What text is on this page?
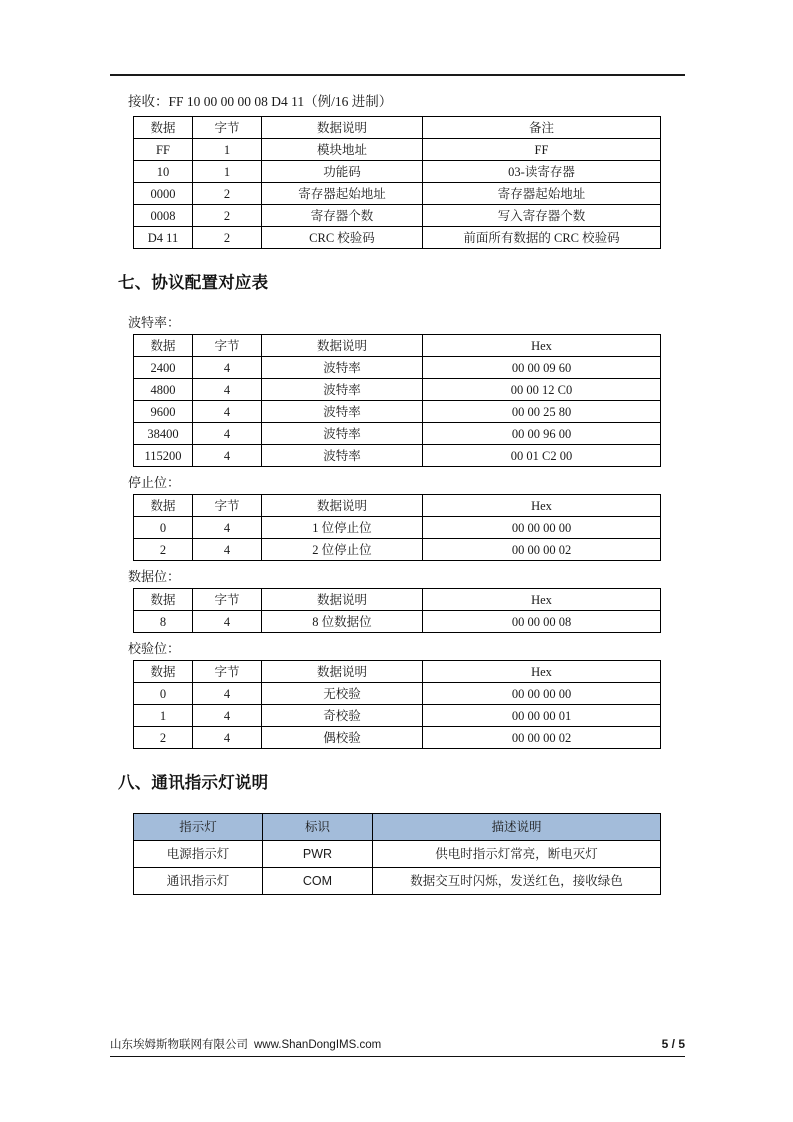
接收：FF 10 00 00 00 08 D4 11（例/16 进制）

数据	字节	数据说明	备注
FF	1	模块地址	FF
10	1	功能码	03-读寄存器
0000	2	寄存器起始地址	寄存器起始地址
0008	2	寄存器个数	写入寄存器个数
D4 11	2	CRC 校验码	前面所有数据的 CRC 校验码
七、协议配置对应表

波特率：

数据	字节	数据说明	Hex
2400	4	波特率	00 00 09 60
4800	4	波特率	00 00 12 C0
9600	4	波特率	00 00 25 80
38400	4	波特率	00 00 96 00
115200	4	波特率	00 01 C2 00

停止位：

数据	字节	数据说明	Hex
0	4	1 位停止位	00 00 00 00
2	4	2 位停止位	00 00 00 02

数据位：

数据	字节	数据说明	Hex
8	4	8 位数据位	00 00 00 08

校验位：

数据	字节	数据说明	Hex
0	4	无校验	00 00 00 00
1	4	奇校验	00 00 00 01
2	4	偶校验	00 00 00 02
八、通讯指示灯说明
指示灯	标识	描述说明
电源指示灯	PWR	供电时指示灯常亮，断电灭灯
通讯指示灯	COM	数据交互时闪烁，发送红色，接收绿色
山东埃姆斯物联网有限公司 www.ShanDongIMS.com	5 / 5
